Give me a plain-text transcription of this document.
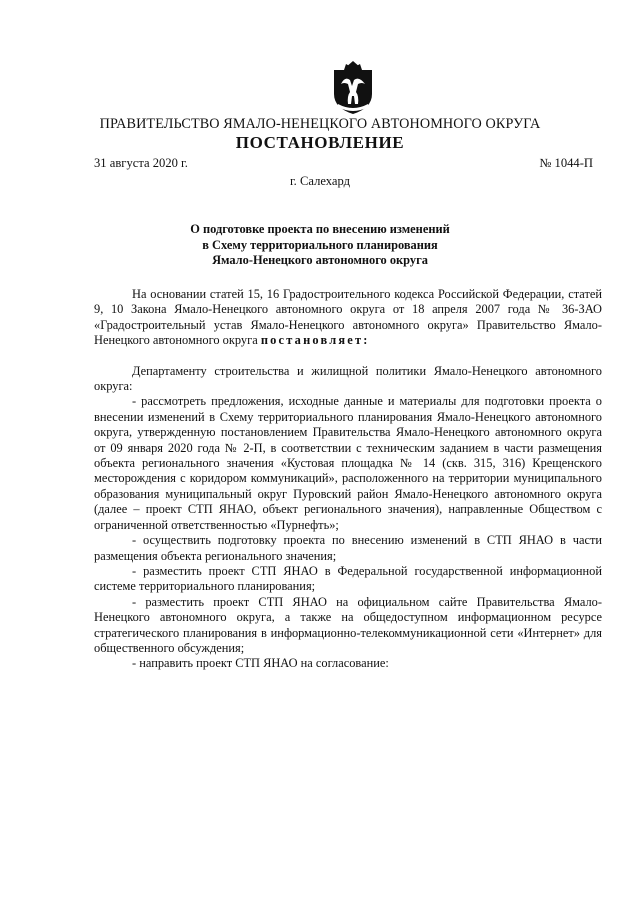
ПРАВИТЕЛЬСТВО ЯМАЛО-НЕНЕЦКОГО АВТОНОМНОГО ОКРУГА
ПОСТАНОВЛЕНИЕ
31 августа 2020 г.	№ 1044-П
г. Салехард
О подготовке проекта по внесению изменений
в Схему территориального планирования
Ямало-Ненецкого автономного округа

На основании статей 15, 16 Градостроительного кодекса Российской Федерации, статей 9, 10 Закона Ямало-Ненецкого автономного округа от 18 апреля 2007 года № 36-ЗАО «Градостроительный устав Ямало-Ненецкого автономного округа» Правительство Ямало-Ненецкого автономного округа постановляет:

Департаменту строительства и жилищной политики Ямало-Ненецкого автономного округа:

- рассмотреть предложения, исходные данные и материалы для подготовки проекта о внесении изменений в Схему территориального планирования Ямало-Ненецкого автономного округа, утвержденную постановлением Правительства Ямало-Ненецкого автономного округа от 09 января 2020 года № 2-П, в соответствии с техническим заданием в части размещения объекта регионального значения «Кустовая площадка № 14 (скв. 315, 316) Крещенского месторождения с коридором коммуникаций», расположенного на территории муниципального образования муниципальный округ Пуровский район Ямало-Ненецкого автономного округа (далее – проект СТП ЯНАО, объект регионального значения), направленные Обществом с ограниченной ответственностью «Пурнефть»;

- осуществить подготовку проекта по внесению изменений в СТП ЯНАО в части размещения объекта регионального значения;

- разместить проект СТП ЯНАО в Федеральной государственной информационной системе территориального планирования;

- разместить проект СТП ЯНАО на официальном сайте Правительства Ямало-Ненецкого автономного округа, а также на общедоступном информационном ресурсе стратегического планирования в информационно-телекоммуникационной сети «Интернет» для общественного обсуждения;

- направить проект СТП ЯНАО на согласование:
